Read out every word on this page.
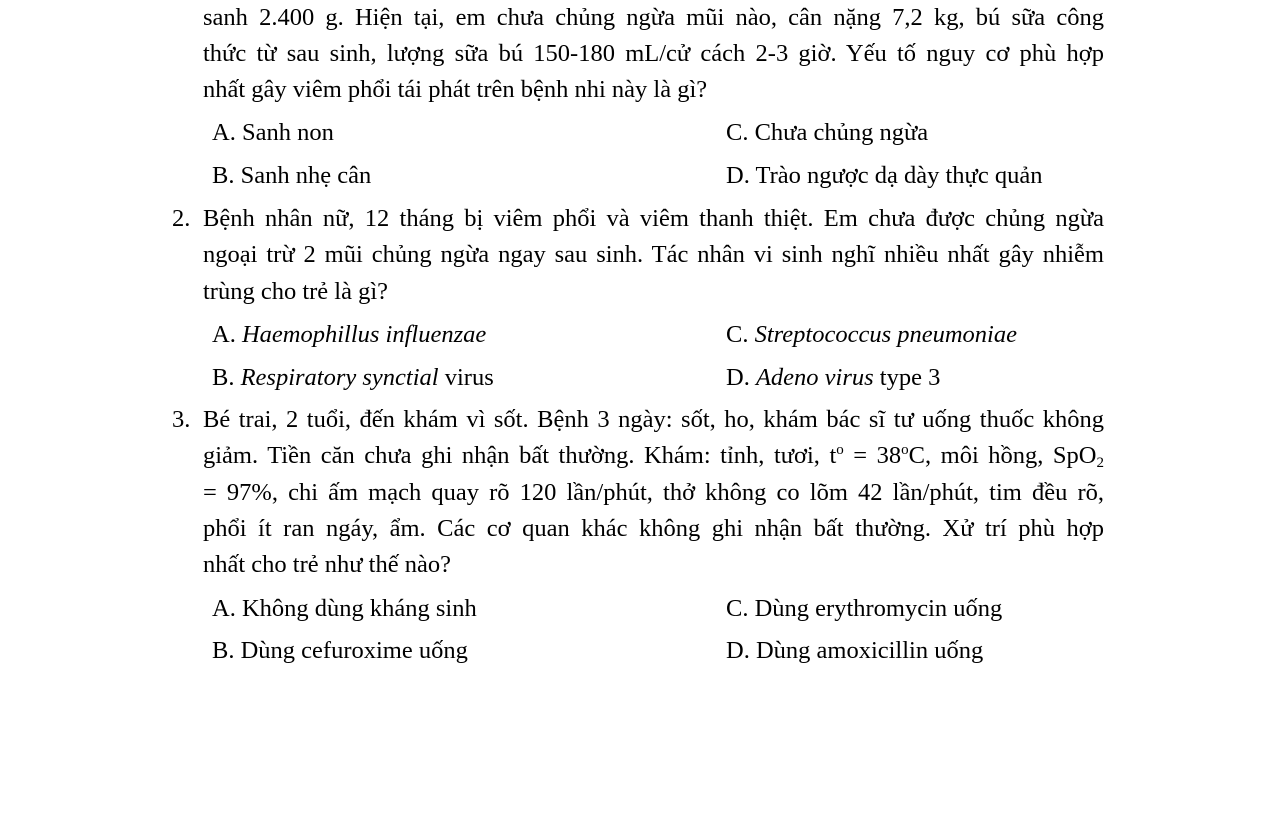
sanh 2.400 g. Hiện tại, em chưa chủng ngừa mũi nào, cân nặng 7,2 kg, bú sữa công
thức từ sau sinh, lượng sữa bú 150-180 mL/cử cách 2-3 giờ. Yếu tố nguy cơ phù hợp
nhất gây viêm phổi tái phát trên bệnh nhi này là gì?
A. Sanh non	C. Chưa chủng ngừa
B. Sanh nhẹ cân	D. Trào ngược dạ dày thực quản
2. Bệnh nhân nữ, 12 tháng bị viêm phổi và viêm thanh thiệt. Em chưa được chủng ngừa
ngoại trừ 2 mũi chủng ngừa ngay sau sinh. Tác nhân vi sinh nghĩ nhiều nhất gây nhiễm
trùng cho trẻ là gì?
A. Haemophillus influenzae	C. Streptococcus pneumoniae
B. Respiratory synctial virus	D. Adeno virus type 3
3. Bé trai, 2 tuổi, đến khám vì sốt. Bệnh 3 ngày: sốt, ho, khám bác sĩ tư uống thuốc không
giảm. Tiền căn chưa ghi nhận bất thường. Khám: tỉnh, tươi, $t^o = 38^oC$, môi hồng, SpO$_2$
= 97%, chi ấm mạch quay rõ 120 lần/phút, thở không co lõm 42 lần/phút, tim đều rõ,
phổi ít ran ngáy, ẩm. Các cơ quan khác không ghi nhận bất thường. Xử trí phù hợp
nhất cho trẻ như thế nào?
A. Không dùng kháng sinh	C. Dùng erythromycin uống
B. Dùng cefuroxime uống	D. Dùng amoxicillin uống
